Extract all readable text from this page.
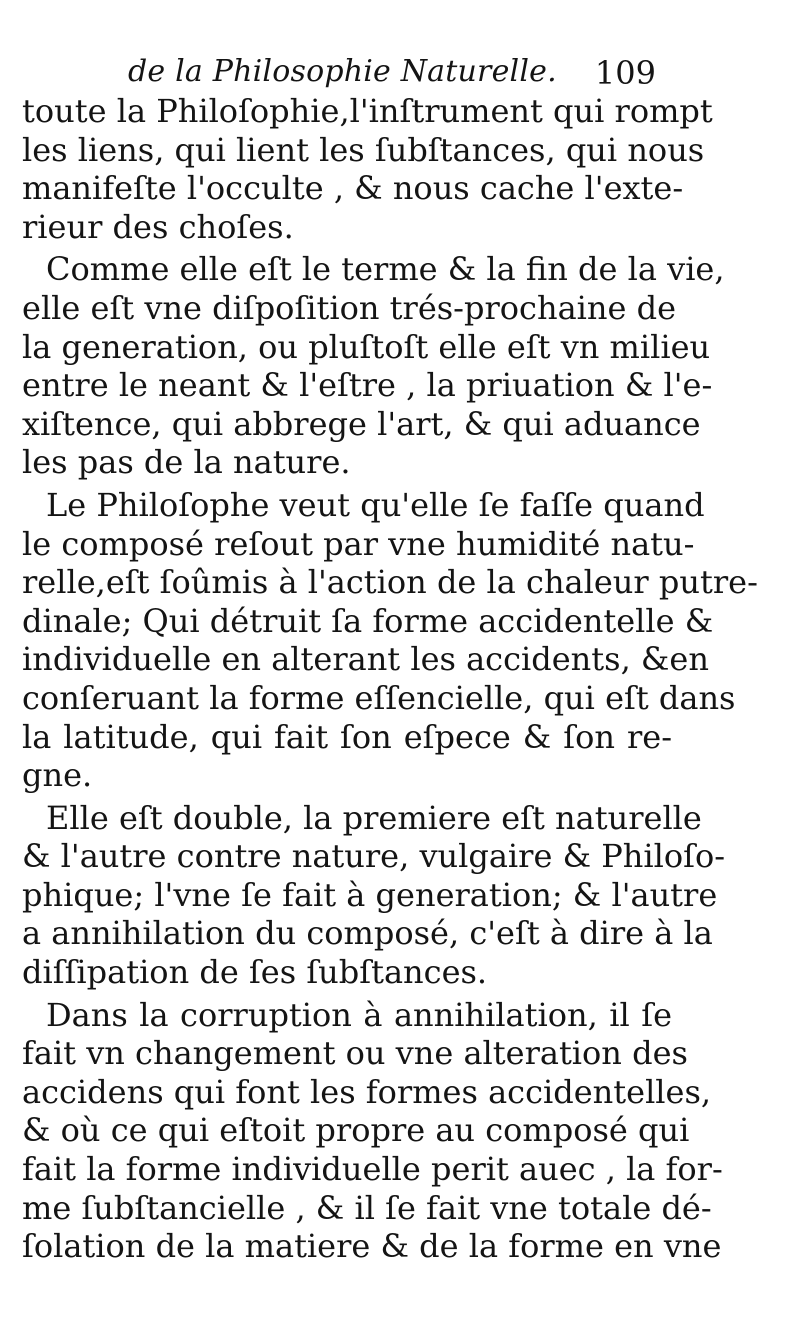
de la Philosophie Naturelle. 109
toute la Philoſophie,l'inſtrument qui rompt
les liens, qui lient les ſubſtances, qui nous
manifeſte l'occulte , & nous cache l'exte-
rieur des choſes.
Comme elle eſt le terme & la fin de la vie,
elle eſt vne diſpoſition trés-prochaine de
la generation, ou pluſtoſt elle eſt vn milieu
entre le neant & l'eſtre , la priuation & l'e-
xiſtence, qui abbrege l'art, & qui aduance
les pas de la nature.
Le Philoſophe veut qu'elle ſe faſſe quand
le composé reſout par vne humidité natu-
relle,eſt ſoûmis à l'action de la chaleur putre-
dinale; Qui détruit ſa forme accidentelle &
individuelle en alterant les accidents, &en
conſeruant la forme eſſencielle, qui eſt dans
la latitude, qui fait ſon eſpece & ſon re-
gne.
Elle eſt double, la premiere eſt naturelle
& l'autre contre nature, vulgaire & Philoſo-
phique; l'vne ſe fait à generation; & l'autre
a annihilation du composé, c'eſt à dire à la
diſſipation de ſes ſubſtances.
Dans la corruption à annihilation, il ſe
fait vn changement ou vne alteration des
accidens qui font les formes accidentelles,
& où ce qui eſtoit propre au composé qui
fait la forme individuelle perit auec , la for-
me ſubſtancielle , & il ſe fait vne totale dé-
ſolation de la matiere & de la forme en vne
